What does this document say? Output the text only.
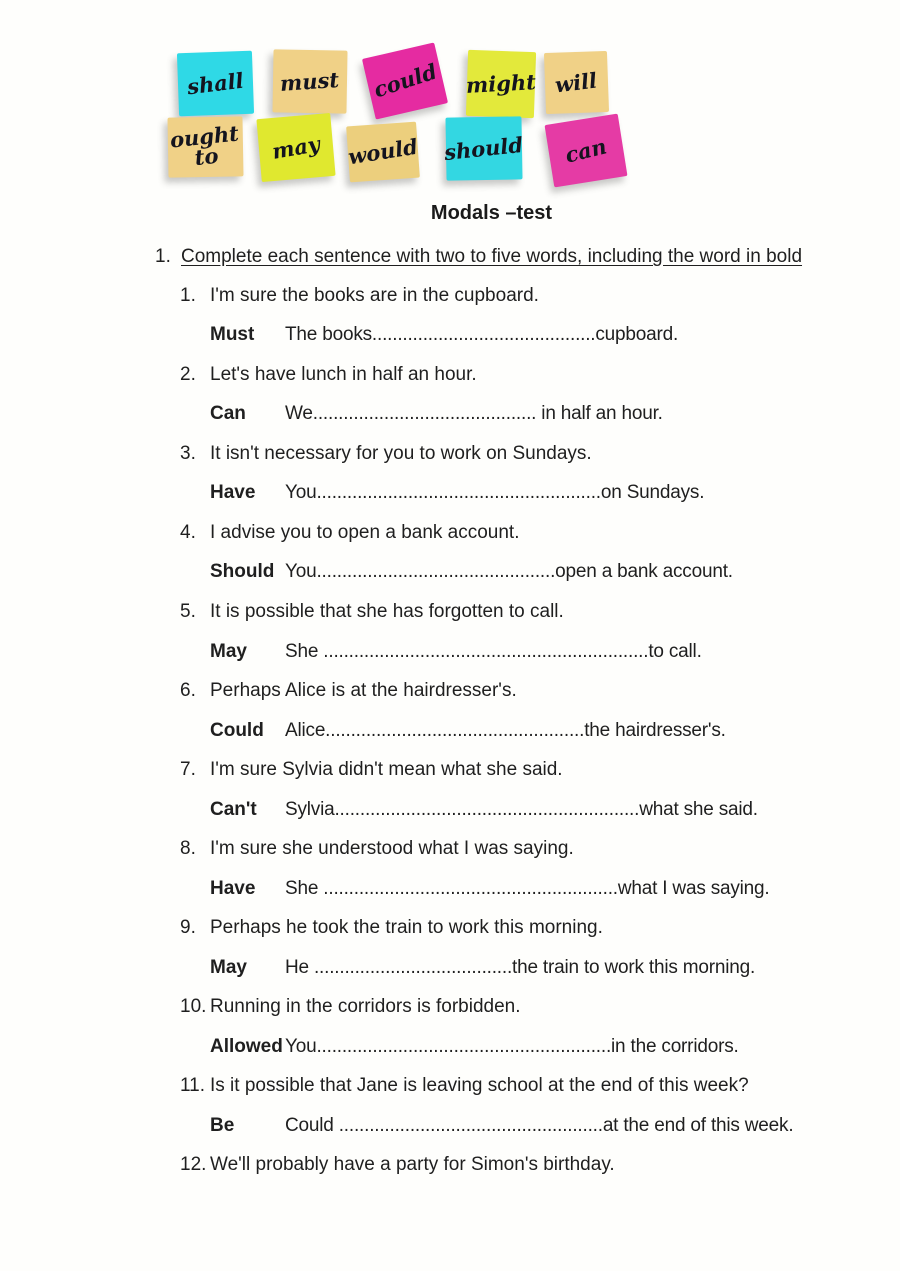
shall must could might will
ought
to	may would should can
Modals –test
1. Complete each sentence with two to five words, including the word in bold
1. I'm sure the books are in the cupboard.
Must	The books............................................cupboard.
2. Let's have lunch in half an hour.
Can	We............................................ in half an hour.
3. It isn't necessary for you to work on Sundays.
Have	You........................................................on Sundays.
4. I advise you to open a bank account.
Should You...............................................open a bank account.
5. It is possible that she has forgotten to call.
May	She ................................................................to call.
6. Perhaps Alice is at the hairdresser's.
Could	Alice...................................................the hairdresser's.
7. I'm sure Sylvia didn't mean what she said.
Can't	Sylvia............................................................what she said.
8. I'm sure she understood what I was saying.
Have	She ..........................................................what I was saying.
9. Perhaps he took the train to work this morning.
May	He .......................................the train to work this morning.
10. Running in the corridors is forbidden.
Allowed You..........................................................in the corridors.
11. Is it possible that Jane is leaving school at the end of this week?
Be	Could ....................................................at the end of this week.
12. We'll probably have a party for Simon's birthday.
